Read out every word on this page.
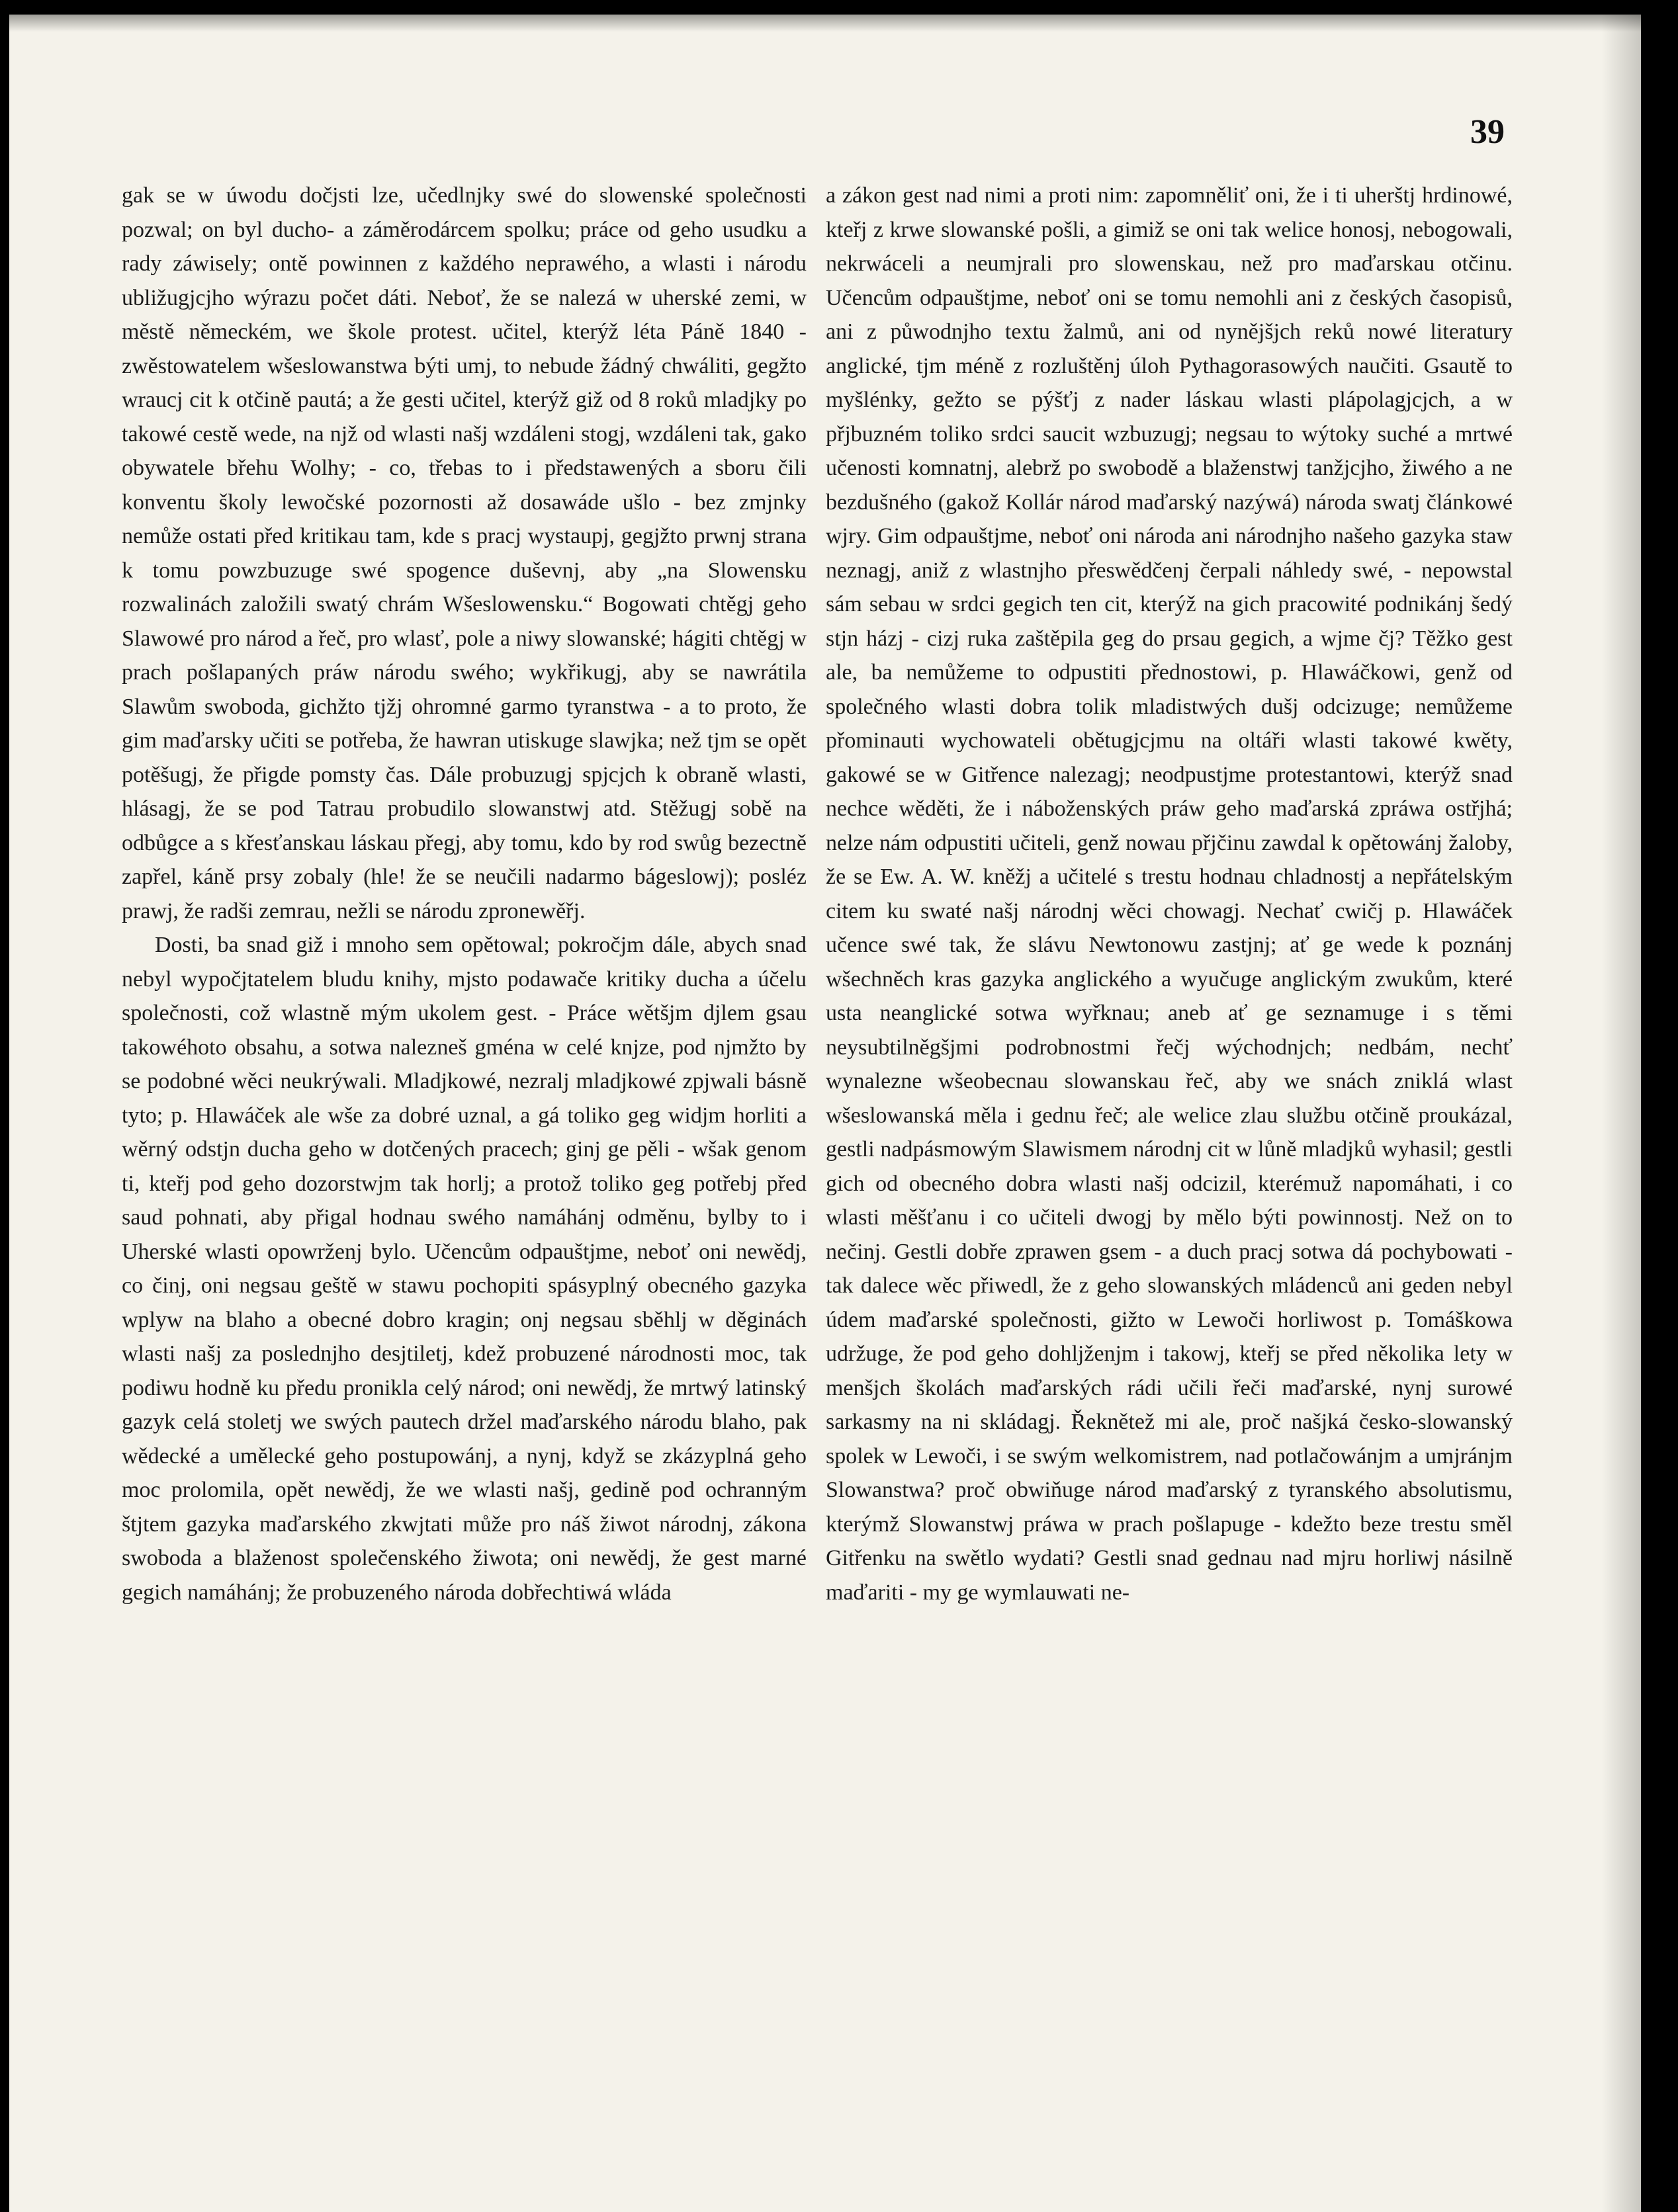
39

gak se w úwodu dočjsti lze, učedlnjky swé do slowenské společnosti pozwal; on byl ducho- a záměrodárcem spolku; práce od geho usudku a rady záwisely; ontě powinnen z každého neprawého, a wlasti i národu ubližugjcjho wýrazu počet dáti. Neboť, že se nalezá w uherské zemi, w městě německém, we škole protest. učitel, kterýž léta Páně 1840 - zwěstowatelem wšeslowanstwa býti umj, to nebude žádný chwáliti, gegžto wraucj cit k otčině pautá; a že gesti učitel, kterýž giž od 8 roků mladjky po takowé cestě wede, na njž od wlasti našj wzdáleni stogj, wzdáleni tak, gako obywatele břehu Wolhy; - co, třebas to i předstawených a sboru čili konventu školy lewočské pozornosti až dosawáde ušlo - bez zmjnky nemůže ostati před kritikau tam, kde s pracj wystaupj, gegjžto prwnj strana k tomu powzbuzuge swé spogence duševnj, aby „na Slowensku rozwalinách založili swatý chrám Wšeslowensku.“ Bogowati chtěgj geho Slawowé pro národ a řeč, pro wlasť, pole a niwy slowanské; hágiti chtěgj w prach pošlapaných práw národu swého; wykřikugj, aby se nawrátila Slawům swoboda, gichžto tjžj ohromné garmo tyranstwa - a to proto, že gim maďarsky učiti se potřeba, že hawran utiskuge slawjka; než tjm se opět potěšugj, že přigde pomsty čas. Dále probuzugj spjcjch k obraně wlasti, hlásagj, že se pod Tatrau probudilo slowanstwj atd. Stěžugj sobě na odbůgce a s křesťanskau láskau přegj, aby tomu, kdo by rod swůg bezectně zapřel, káně prsy zobaly (hle! že se neučili nadarmo bágeslowj); posléz prawj, že radši zemrau, nežli se národu zpronewěřj.

Dosti, ba snad giž i mnoho sem opětowal; pokročjm dále, abych snad nebyl wypočjtatelem bludu knihy, mjsto podawače kritiky ducha a účelu společnosti, což wlastně mým ukolem gest. - Práce wětšjm djlem gsau takowéhoto obsahu, a sotwa nalezneš gména w celé knjze, pod njmžto by se podobné wěci neukrýwali. Mladjkowé, nezralj mladjkowé zpjwali básně tyto; p. Hlawáček ale wše za dobré uznal, a gá toliko geg widjm horliti a wěrný odstjn ducha geho w dotčených pracech; ginj ge pěli - wšak genom ti, kteřj pod geho dozorstwjm tak horlj; a protož toliko geg potřebj před saud pohnati, aby přigal hodnau swého namáhánj odměnu, bylby to i Uherské wlasti opowrženj bylo. Učencům odpauštjme, neboť oni newědj, co činj, oni negsau geště w stawu pochopiti spásyplný obecného gazyka wplyw na blaho a obecné dobro kragin; onj negsau sběhlj w děginách wlasti našj za poslednjho desjtiletj, kdež probuzené národnosti moc, tak podiwu hodně ku předu pronikla celý národ; oni newědj, že mrtwý latinský gazyk celá stoletj we swých pautech držel maďarského národu blaho, pak wědecké a umělecké geho postupowánj, a nynj, když se zkázyplná geho moc prolomila, opět newědj, že we wlasti našj, gedině pod ochranným štjtem gazyka maďarského zkwjtati může pro náš žiwot národnj, zákona swoboda a blaženost společenského žiwota; oni newědj, že gest marné gegich namáhánj; že probuzeného národa dobřechtiwá wláda

a zákon gest nad nimi a proti nim: zapomněliť oni, že i ti uherštj hrdinowé, kteřj z krwe slowanské pošli, a gimiž se oni tak welice honosj, nebogowali, nekrwáceli a neumjrali pro slowenskau, než pro maďarskau otčinu. Učencům odpauštjme, neboť oni se tomu nemohli ani z českých časopisů, ani z půwodnjho textu žalmů, ani od nynějšjch reků nowé literatury anglické, tjm méně z rozluštěnj úloh Pythagorasowých naučiti. Gsautě to myšlénky, gežto se pýšťj z nader láskau wlasti plápolagjcjch, a w přjbuzném toliko srdci saucit wzbuzugj; negsau to wýtoky suché a mrtwé učenosti komnatnj, alebrž po swobodě a blaženstwj tanžjcjho, žiwého a ne bezdušného (gakož Kollár národ maďarský nazýwá) národa swatj článkowé wjry. Gim odpauštjme, neboť oni národa ani národnjho našeho gazyka staw neznagj, aniž z wlastnjho přeswědčenj čerpali náhledy swé, - nepowstal sám sebau w srdci gegich ten cit, kterýž na gich pracowité podnikánj šedý stjn házj - cizj ruka zaštěpila geg do prsau gegich, a wjme čj? Těžko gest ale, ba nemůžeme to odpustiti přednostowi, p. Hlawáčkowi, genž od společného wlasti dobra tolik mladistwých dušj odcizuge; nemůžeme přominauti wychowateli obětugjcjmu na oltáři wlasti takowé kwěty, gakowé se w Gitřence nalezagj; neodpustjme protestantowi, kterýž snad nechce wěděti, že i náboženských práw geho maďarská zpráwa ostřjhá; nelze nám odpustiti učiteli, genž nowau přjčinu zawdal k opětowánj žaloby, že se Ew. A. W. kněžj a učitelé s trestu hodnau chladnostj a nepřátelským citem ku swaté našj národnj wěci chowagj. Nechať cwičj p. Hlawáček učence swé tak, že slávu Newtonowu zastjnj; ať ge wede k poznánj wšechněch kras gazyka anglického a wyučuge anglickým zwukům, které usta neanglické sotwa wyřknau; aneb ať ge seznamuge i s těmi neysubtilněgšjmi podrobnostmi řečj wýchodnjch; nedbám, nechť wynalezne wšeobecnau slowanskau řeč, aby we snách zniklá wlast wšeslowanská měla i gednu řeč; ale welice zlau službu otčině proukázal, gestli nadpásmowým Slawismem národnj cit w lůně mladjků wyhasil; gestli gich od obecného dobra wlasti našj odcizil, kterémuž napomáhati, i co wlasti měšťanu i co učiteli dwogj by mělo býti powinnostj. Než on to nečinj. Gestli dobře zprawen gsem - a duch pracj sotwa dá pochybowati - tak dalece wěc přiwedl, že z geho slowanských mládenců ani geden nebyl údem maďarské společnosti, gižto w Lewoči horliwost p. Tomáškowa udržuge, že pod geho dohljženjm i takowj, kteřj se před několika lety w menšjch školách maďarských rádi učili řeči maďarské, nynj surowé sarkasmy na ni skládagj. Řeknětež mi ale, proč našjká česko-slowanský spolek w Lewoči, i se swým welkomistrem, nad potlačowánjm a umjránjm Slowanstwa? proč obwiňuge národ maďarský z tyranského absolutismu, kterýmž Slowanstwj práwa w prach pošlapuge - kdežto beze trestu směl Gitřenku na swětlo wydati? Gestli snad gednau nad mjru horliwj násilně maďariti - my ge wymlauwati ne-
